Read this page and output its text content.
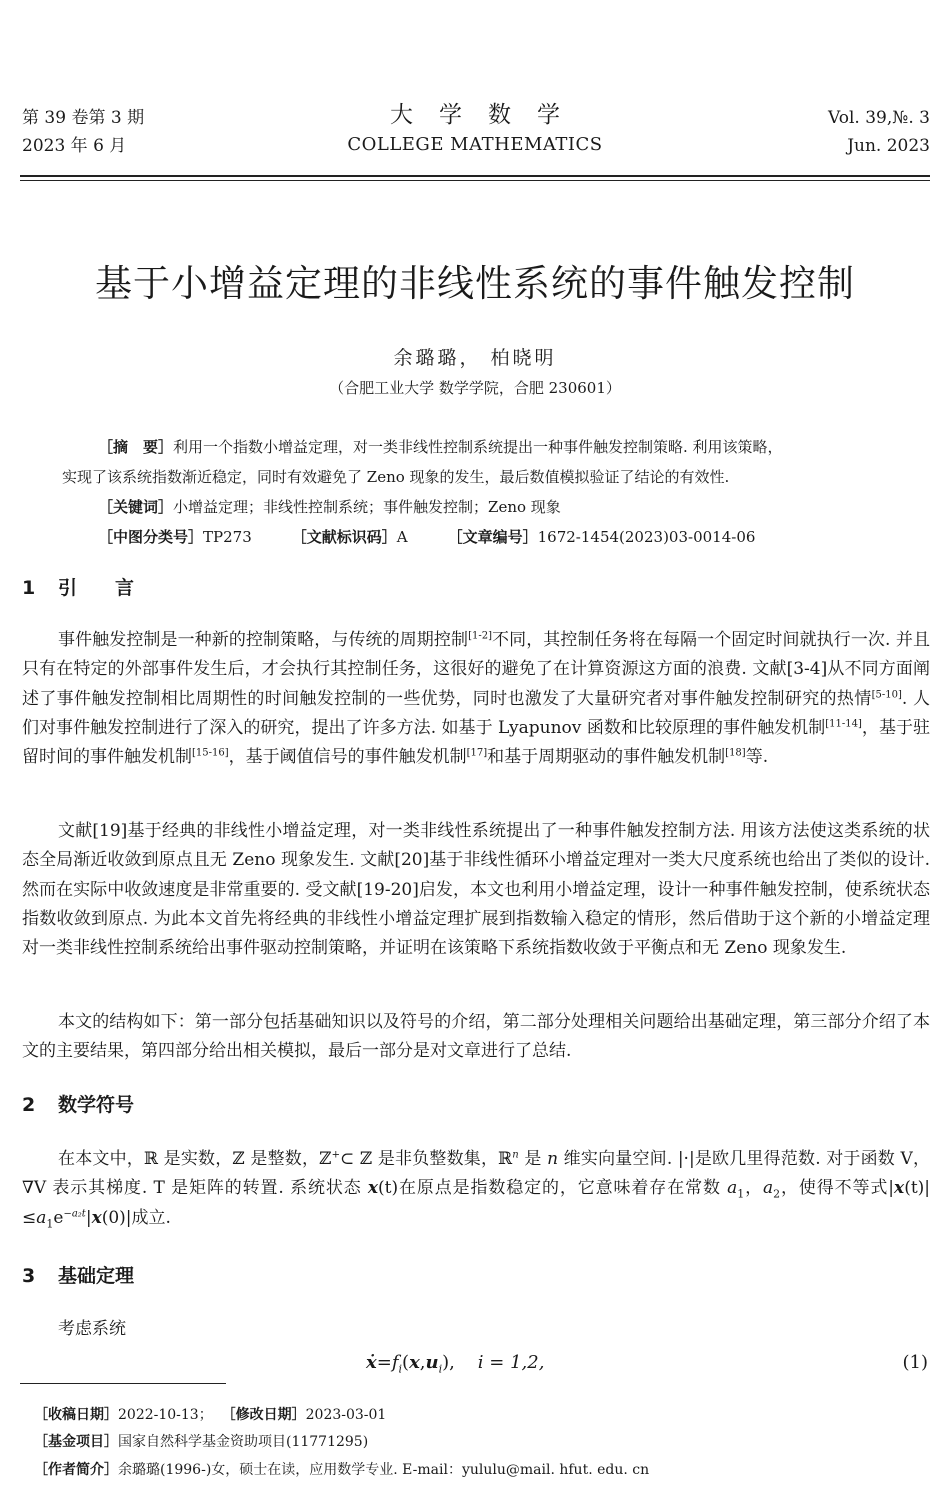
第 39 卷第 3 期
2023 年 6 月
大学数学
COLLEGE MATHEMATICS
Vol. 39,№. 3
Jun. 2023
基于小增益定理的非线性系统的事件触发控制
余璐璐， 柏晓明
（合肥工业大学 数学学院，合肥 230601）
［摘　要］利用一个指数小增益定理，对一类非线性控制系统提出一种事件触发控制策略. 利用该策略，
实现了该系统指数渐近稳定，同时有效避免了 Zeno 现象的发生，最后数值模拟验证了结论的有效性.
［关键词］小增益定理；非线性控制系统；事件触发控制；Zeno 现象
［中图分类号］TP273	［文献标识码］A	［文章编号］1672-1454(2023)03-0014-06
1 引　　言
事件触发控制是一种新的控制策略，与传统的周期控制[1-2]不同，其控制任务将在每隔一个固定时间就执行一次. 并且只有在特定的外部事件发生后，才会执行其控制任务，这很好的避免了在计算资源这方面的浪费. 文献[3-4]从不同方面阐述了事件触发控制相比周期性的时间触发控制的一些优势，同时也激发了大量研究者对事件触发控制研究的热情[5-10]. 人们对事件触发控制进行了深入的研究，提出了许多方法. 如基于 Lyapunov 函数和比较原理的事件触发机制[11-14]，基于驻留时间的事件触发机制[15-16]，基于阈值信号的事件触发机制[17]和基于周期驱动的事件触发机制[18]等.
文献[19]基于经典的非线性小增益定理，对一类非线性系统提出了一种事件触发控制方法. 用该方法使这类系统的状态全局渐近收敛到原点且无 Zeno 现象发生. 文献[20]基于非线性循环小增益定理对一类大尺度系统也给出了类似的设计. 然而在实际中收敛速度是非常重要的. 受文献[19-20]启发，本文也利用小增益定理，设计一种事件触发控制，使系统状态指数收敛到原点. 为此本文首先将经典的非线性小增益定理扩展到指数输入稳定的情形，然后借助于这个新的小增益定理对一类非线性控制系统给出事件驱动控制策略，并证明在该策略下系统指数收敛于平衡点和无 Zeno 现象发生.
本文的结构如下：第一部分包括基础知识以及符号的介绍，第二部分处理相关问题给出基础定理，第三部分介绍了本文的主要结果，第四部分给出相关模拟，最后一部分是对文章进行了总结.
2 数学符号
在本文中，ℝ 是实数，ℤ 是整数，ℤ+⊂ ℤ 是非负整数集，ℝ$^n$ 是 n 维实向量空间. |·|是欧几里得范数. 对于函数 V，∇V 表示其梯度. T 是矩阵的转置. 系统状态 x(t)在原点是指数稳定的，它意味着存在常数 $a_1$，$a_2$，使得不等式$|x(t)|\le a_1e^{-a_2t}|x(0)|$成立.
3 基础定理
考虑系统
$ẋ=f_i(x,u_i)$, i = 1,2,	(1)
［收稿日期］2022-10-13； ［修改日期］2023-03-01
［基金项目］国家自然科学基金资助项目(11771295)
［作者简介］余璐璐(1996-)女，硕士在读，应用数学专业. E-mail：yululu@mail. hfut. edu. cn
